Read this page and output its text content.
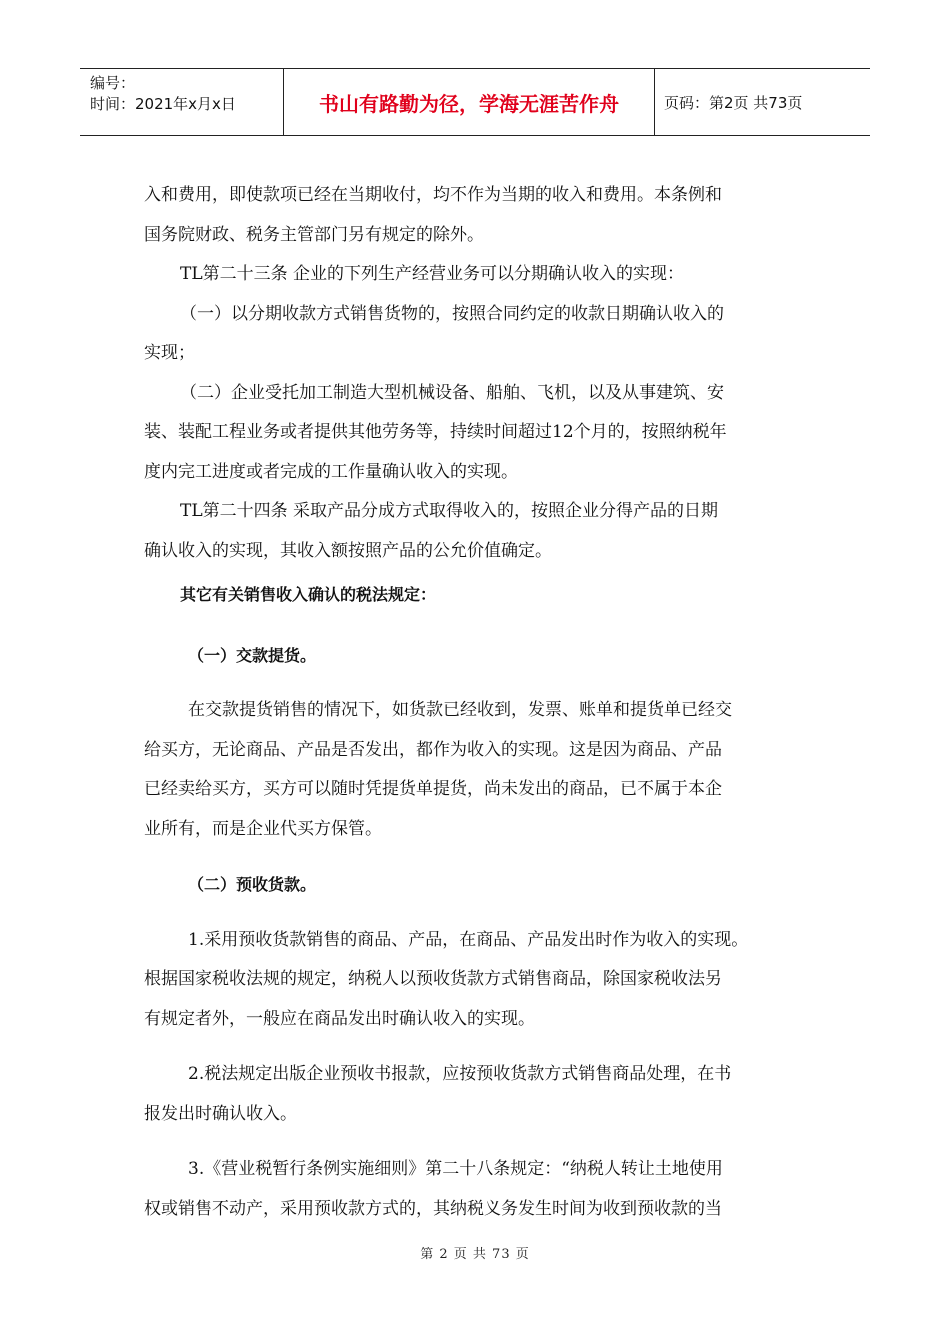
编号：
时间：2021年x月x日	书山有路勤为径，学海无涯苦作舟	页码：第2页 共73页

入和费用，即使款项已经在当期收付，均不作为当期的收入和费用。本条例和

国务院财政、税务主管部门另有规定的除外。

TL第二十三条 企业的下列生产经营业务可以分期确认收入的实现：

（一）以分期收款方式销售货物的，按照合同约定的收款日期确认收入的

实现；

（二）企业受托加工制造大型机械设备、船舶、飞机，以及从事建筑、安

装、装配工程业务或者提供其他劳务等，持续时间超过12个月的，按照纳税年

度内完工进度或者完成的工作量确认收入的实现。

TL第二十四条 采取产品分成方式取得收入的，按照企业分得产品的日期

确认收入的实现，其收入额按照产品的公允价值确定。

其它有关销售收入确认的税法规定：

（一）交款提货。

在交款提货销售的情况下，如货款已经收到，发票、账单和提货单已经交

给买方，无论商品、产品是否发出，都作为收入的实现。这是因为商品、产品

已经卖给买方，买方可以随时凭提货单提货，尚未发出的商品，已不属于本企

业所有，而是企业代买方保管。

（二）预收货款。

1.采用预收货款销售的商品、产品，在商品、产品发出时作为收入的实现。

根据国家税收法规的规定，纳税人以预收货款方式销售商品，除国家税收法另

有规定者外，一般应在商品发出时确认收入的实现。

2.税法规定出版企业预收书报款，应按预收货款方式销售商品处理，在书

报发出时确认收入。

3.《营业税暂行条例实施细则》第二十八条规定：“纳税人转让土地使用

权或销售不动产，采用预收款方式的，其纳税义务发生时间为收到预收款的当

第 2 页 共 73 页
